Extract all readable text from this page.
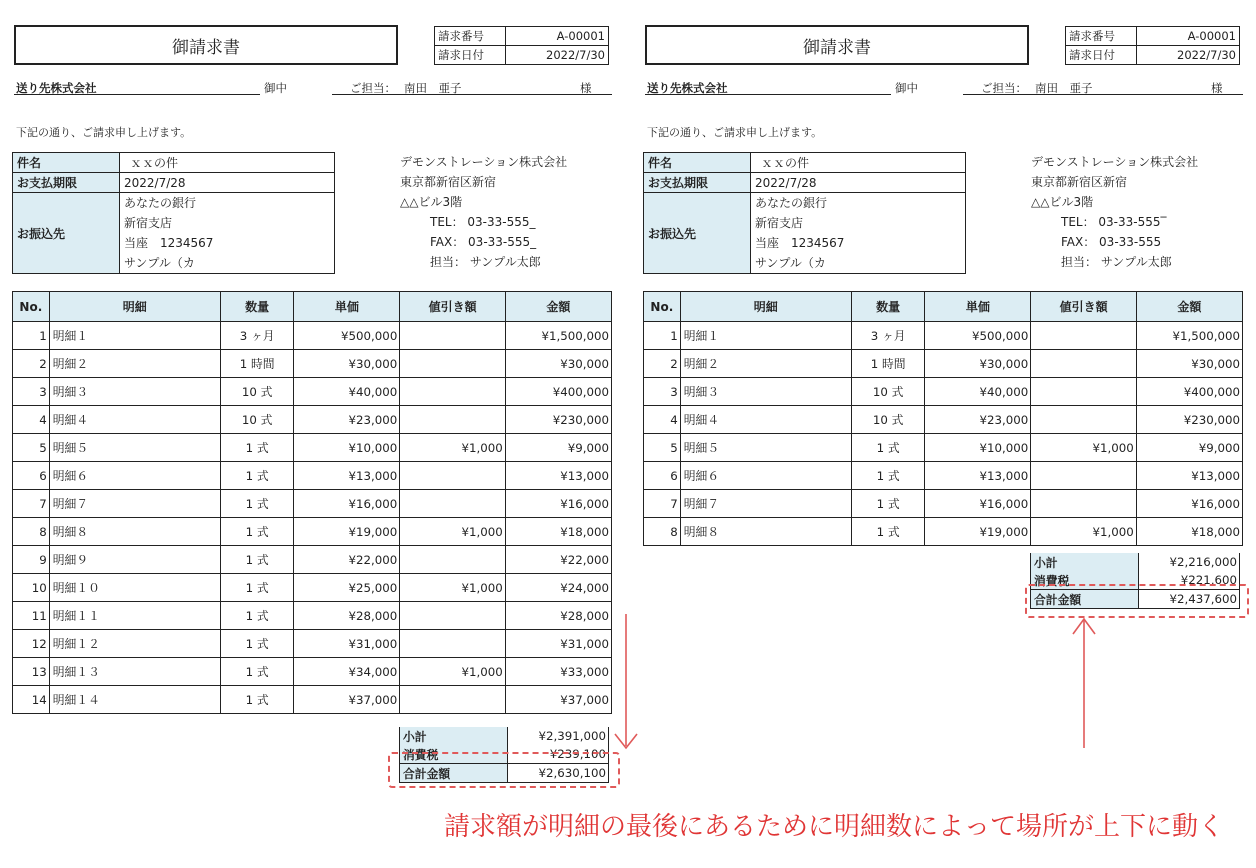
御請求書
請求番号	A-00001
請求日付	2022/7/30
送り先株式会社	御中	ご担当： 南田　亜子	様
下記の通り、ご請求申し上げます。
件名	ｘｘの件
お支払期限	2022/7/28
お振込先	あなたの銀行
新宿支店
当座　1234567
サンプル（カ
デモンストレーション株式会社
東京都新宿区新宿
△△ビル3階
TEL： 03-33-555_
FAX： 03-33-555_
担当： サンプル太郎
No.	明細	数量	単価	値引き額	金額
1	明細１	3 ヶ月	¥500,000		¥1,500,000
2	明細２	1 時間	¥30,000		¥30,000
3	明細３	10 式	¥40,000		¥400,000
4	明細４	10 式	¥23,000		¥230,000
5	明細５	1 式	¥10,000	¥1,000	¥9,000
6	明細６	1 式	¥13,000		¥13,000
7	明細７	1 式	¥16,000		¥16,000
8	明細８	1 式	¥19,000	¥1,000	¥18,000
9	明細９	1 式	¥22,000		¥22,000
10	明細１０	1 式	¥25,000	¥1,000	¥24,000
11	明細１１	1 式	¥28,000		¥28,000
12	明細１２	1 式	¥31,000		¥31,000
13	明細１３	1 式	¥34,000	¥1,000	¥33,000
14	明細１４	1 式	¥37,000		¥37,000
小計	¥2,391,000
消費税	¥239,100
合計金額	¥2,630,100
御請求書
請求番号	A-00001
請求日付	2022/7/30
送り先株式会社	御中	ご担当： 南田　亜子	様
下記の通り、ご請求申し上げます。
件名	ｘｘの件
お支払期限	2022/7/28
お振込先	あなたの銀行
新宿支店
当座　1234567
サンプル（カ
デモンストレーション株式会社
東京都新宿区新宿
△△ビル3階
TEL： 03-33-555‾
FAX： 03-33-555
担当： サンプル太郎
No.	明細	数量	単価	値引き額	金額
1	明細１	3 ヶ月	¥500,000		¥1,500,000
2	明細２	1 時間	¥30,000		¥30,000
3	明細３	10 式	¥40,000		¥400,000
4	明細４	10 式	¥23,000		¥230,000
5	明細５	1 式	¥10,000	¥1,000	¥9,000
6	明細６	1 式	¥13,000		¥13,000
7	明細７	1 式	¥16,000		¥16,000
8	明細８	1 式	¥19,000	¥1,000	¥18,000
小計	¥2,216,000
消費税	¥221,600
合計金額	¥2,437,600
請求額が明細の最後にあるために明細数によって場所が上下に動く
